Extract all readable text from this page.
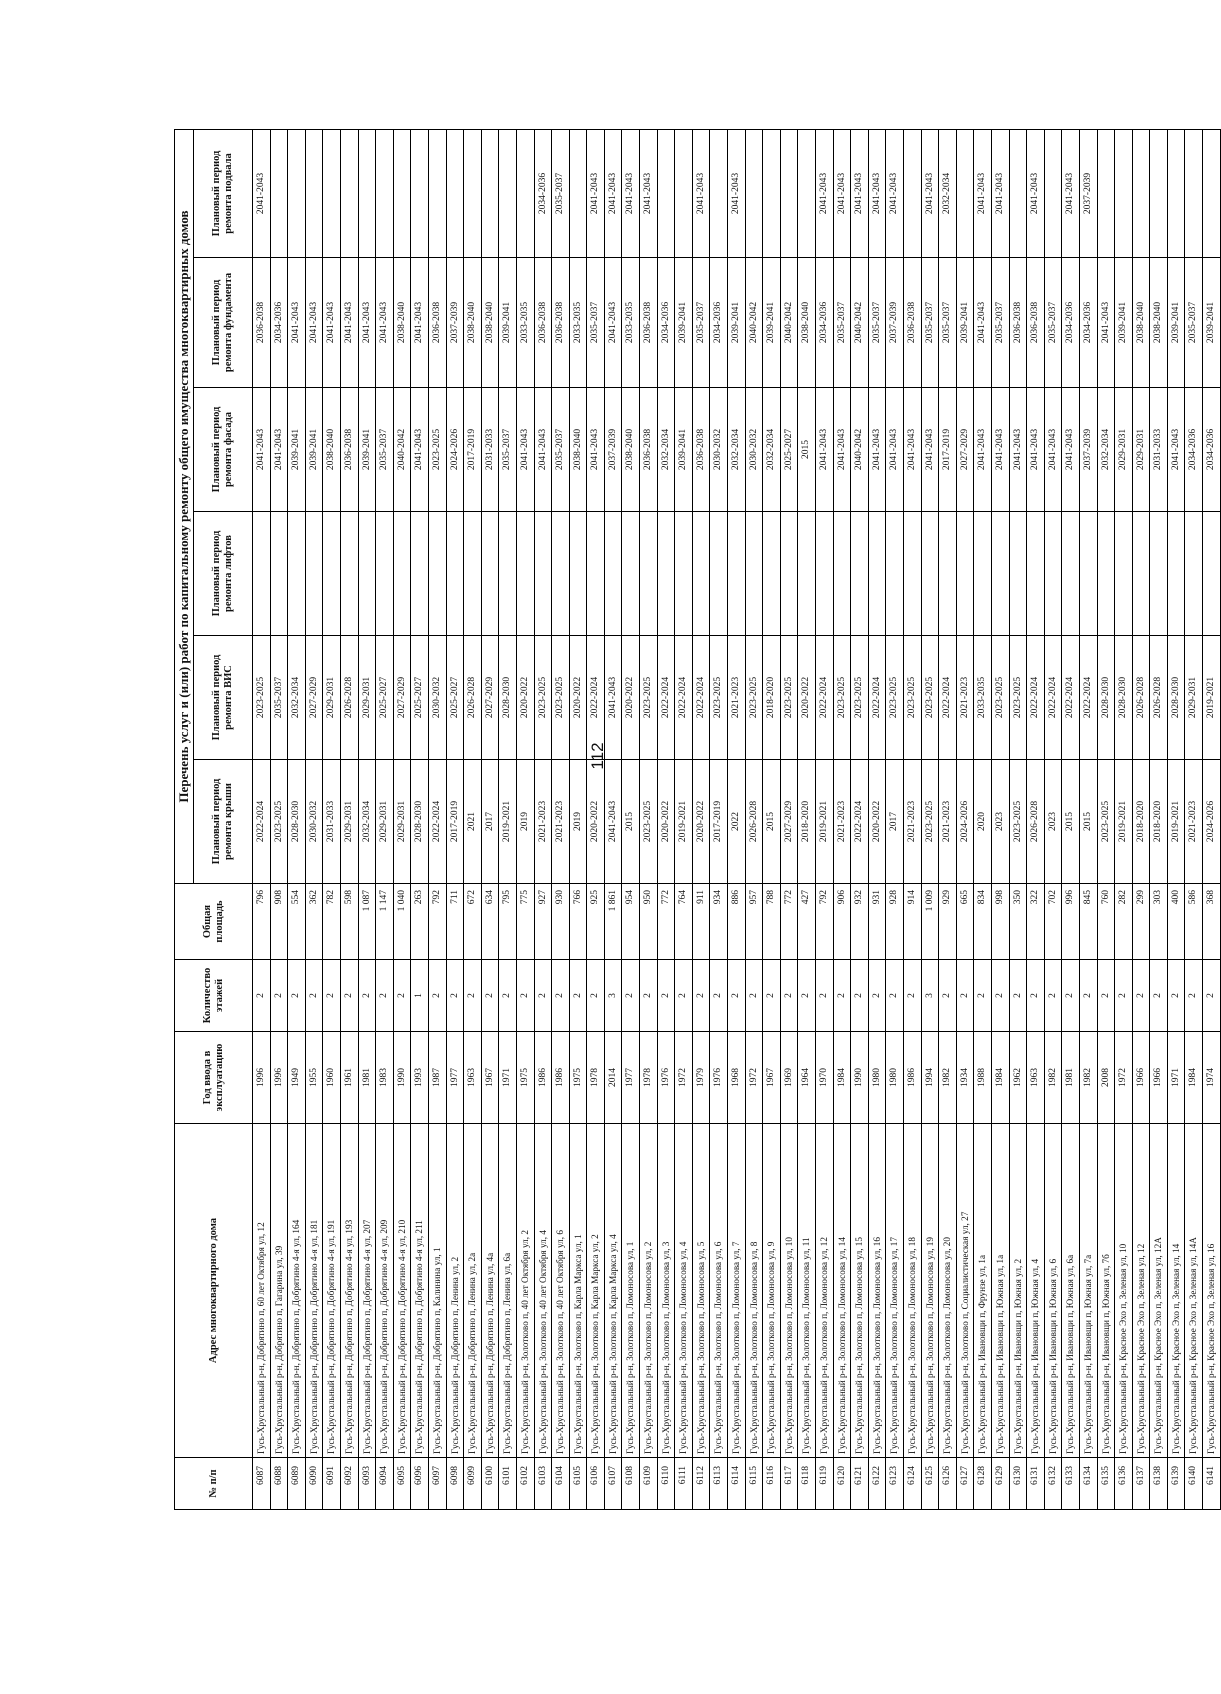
112
№ п/п	Адрес многоквартирного дома	Год ввода в эксплуатацию	Количество этажей	Общая площадь	Перечень услуг и (или) работ по капитальному ремонту общего имущества многоквартирных домов					
					Плановый период ремонта крыши	Плановый период ремонта ВИС	Плановый период ремонта лифтов	Плановый период ремонта фасада	Плановый период ремонта фундамента	Плановый период ремонта подвала
6087	Гусь-Хрустальный р-н, Добрятино п, 60 лет Октября ул, 12	1996	2	796	2022-2024	2023-2025		2041-2043	2036-2038	2041-2043
6088	Гусь-Хрустальный р-н, Добрятино п, Гагарина ул, 39	1996	2	908	2023-2025	2035-2037		2041-2043	2034-2036	
6089	Гусь-Хрустальный р-н, Добрятино п, Добрятино 4-я ул, 164	1949	2	554	2028-2030	2032-2034		2039-2041	2041-2043	
6090	Гусь-Хрустальный р-н, Добрятино п, Добрятино 4-я ул, 181	1955	2	362	2030-2032	2027-2029		2039-2041	2041-2043	
6091	Гусь-Хрустальный р-н, Добрятино п, Добрятино 4-я ул, 191	1960	2	782	2031-2033	2029-2031		2038-2040	2041-2043	
6092	Гусь-Хрустальный р-н, Добрятино п, Добрятино 4-я ул, 193	1961	2	598	2029-2031	2026-2028		2036-2038	2041-2043	
6093	Гусь-Хрустальный р-н, Добрятино п, Добрятино 4-я ул, 207	1981	2	1 087	2032-2034	2029-2031		2039-2041	2041-2043	
6094	Гусь-Хрустальный р-н, Добрятино п, Добрятино 4-я ул, 209	1983	2	1 147	2029-2031	2025-2027		2035-2037	2041-2043	
6095	Гусь-Хрустальный р-н, Добрятино п, Добрятино 4-я ул, 210	1990	2	1 040	2029-2031	2027-2029		2040-2042	2038-2040	
6096	Гусь-Хрустальный р-н, Добрятино п, Добрятино 4-я ул, 211	1993	1	263	2028-2030	2025-2027		2041-2043	2041-2043	
6097	Гусь-Хрустальный р-н, Добрятино п, Калинина ул, 1	1987	2	792	2022-2024	2030-2032		2023-2025	2036-2038	
6098	Гусь-Хрустальный р-н, Добрятино п, Ленина ул, 2	1977	2	711	2017-2019	2025-2027		2024-2026	2037-2039	
6099	Гусь-Хрустальный р-н, Добрятино п, Ленина ул, 2а	1963	2	672	2021	2026-2028		2017-2019	2038-2040	
6100	Гусь-Хрустальный р-н, Добрятино п, Ленина ул, 4а	1967	2	634	2017	2027-2029		2031-2033	2038-2040	
6101	Гусь-Хрустальный р-н, Добрятино п, Ленина ул, 6а	1971	2	795	2019-2021	2028-2030		2035-2037	2039-2041	
6102	Гусь-Хрустальный р-н, Золотково п, 40 лет Октября ул, 2	1975	2	775	2019	2020-2022		2041-2043	2033-2035	
6103	Гусь-Хрустальный р-н, Золотково п, 40 лет Октября ул, 4	1986	2	927	2021-2023	2023-2025		2041-2043	2036-2038	2034-2036
6104	Гусь-Хрустальный р-н, Золотково п, 40 лет Октября ул, 6	1986	2	930	2021-2023	2023-2025		2035-2037	2036-2038	2035-2037
6105	Гусь-Хрустальный р-н, Золотково п, Карла Маркса ул, 1	1975	2	766	2019	2020-2022		2038-2040	2033-2035	
6106	Гусь-Хрустальный р-н, Золотково п, Карла Маркса ул, 2	1978	2	925	2020-2022	2022-2024		2041-2043	2035-2037	2041-2043
6107	Гусь-Хрустальный р-н, Золотково п, Карла Маркса ул, 4	2014	3	1 861	2041-2043	2041-2043		2037-2039	2041-2043	2041-2043
6108	Гусь-Хрустальный р-н, Золотково п, Ломоносова ул, 1	1977	2	954	2015	2020-2022		2038-2040	2033-2035	2041-2043
6109	Гусь-Хрустальный р-н, Золотково п, Ломоносова ул, 2	1978	2	950	2023-2025	2023-2025		2036-2038	2036-2038	2041-2043
6110	Гусь-Хрустальный р-н, Золотково п, Ломоносова ул, 3	1976	2	772	2020-2022	2022-2024		2032-2034	2034-2036	
6111	Гусь-Хрустальный р-н, Золотково п, Ломоносова ул, 4	1972	2	764	2019-2021	2022-2024		2039-2041	2039-2041	
6112	Гусь-Хрустальный р-н, Золотково п, Ломоносова ул, 5	1979	2	911	2020-2022	2022-2024		2036-2038	2035-2037	2041-2043
6113	Гусь-Хрустальный р-н, Золотково п, Ломоносова ул, 6	1976	2	934	2017-2019	2023-2025		2030-2032	2034-2036	
6114	Гусь-Хрустальный р-н, Золотково п, Ломоносова ул, 7	1968	2	886	2022	2021-2023		2032-2034	2039-2041	2041-2043
6115	Гусь-Хрустальный р-н, Золотково п, Ломоносова ул, 8	1972	2	957	2026-2028	2023-2025		2030-2032	2040-2042	
6116	Гусь-Хрустальный р-н, Золотково п, Ломоносова ул, 9	1967	2	788	2015	2018-2020		2032-2034	2039-2041	
6117	Гусь-Хрустальный р-н, Золотково п, Ломоносова ул, 10	1969	2	772	2027-2029	2023-2025		2025-2027	2040-2042	
6118	Гусь-Хрустальный р-н, Золотково п, Ломоносова ул, 11	1964	2	427	2018-2020	2020-2022		2015	2038-2040	
6119	Гусь-Хрустальный р-н, Золотково п, Ломоносова ул, 12	1970	2	792	2019-2021	2022-2024		2041-2043	2034-2036	2041-2043
6120	Гусь-Хрустальный р-н, Золотково п, Ломоносова ул, 14	1984	2	906	2021-2023	2023-2025		2041-2043	2035-2037	2041-2043
6121	Гусь-Хрустальный р-н, Золотково п, Ломоносова ул, 15	1990	2	932	2022-2024	2023-2025		2040-2042	2040-2042	2041-2043
6122	Гусь-Хрустальный р-н, Золотково п, Ломоносова ул, 16	1980	2	931	2020-2022	2022-2024		2041-2043	2035-2037	2041-2043
6123	Гусь-Хрустальный р-н, Золотково п, Ломоносова ул, 17	1980	2	928	2017	2023-2025		2041-2043	2037-2039	2041-2043
6124	Гусь-Хрустальный р-н, Золотково п, Ломоносова ул, 18	1986	2	914	2021-2023	2023-2025		2041-2043	2036-2038	
6125	Гусь-Хрустальный р-н, Золотково п, Ломоносова ул, 19	1994	3	1 009	2023-2025	2023-2025		2041-2043	2035-2037	2041-2043
6126	Гусь-Хрустальный р-н, Золотково п, Ломоносова ул, 20	1982	2	929	2021-2023	2022-2024		2017-2019	2035-2037	2032-2034
6127	Гусь-Хрустальный р-н, Золотково п, Социалистическая ул, 27	1934	2	665	2024-2026	2021-2023		2027-2029	2039-2041	
6128	Гусь-Хрустальный р-н, Ивановщи п, Фрунзе ул, 1а	1988	2	834	2020	2033-2035		2041-2043	2041-2043	2041-2043
6129	Гусь-Хрустальный р-н, Ивановщи п, Южная ул, 1а	1984	2	998	2023	2023-2025		2041-2043	2035-2037	2041-2043
6130	Гусь-Хрустальный р-н, Ивановщи п, Южная ул, 2	1962	2	350	2023-2025	2023-2025		2041-2043	2036-2038	
6131	Гусь-Хрустальный р-н, Ивановщи п, Южная ул, 4	1963	2	322	2026-2028	2022-2024		2041-2043	2036-2038	2041-2043
6132	Гусь-Хрустальный р-н, Ивановщи п, Южная ул, 6	1982	2	702	2023	2022-2024		2041-2043	2035-2037	
6133	Гусь-Хрустальный р-н, Ивановщи п, Южная ул, 6а	1981	2	996	2015	2022-2024		2041-2043	2034-2036	2041-2043
6134	Гусь-Хрустальный р-н, Ивановщи п, Южная ул, 7а	1982	2	845	2015	2022-2024		2037-2039	2034-2036	2037-2039
6135	Гусь-Хрустальный р-н, Ивановщи п, Южная ул, 7б	2008	2	760	2023-2025	2028-2030		2032-2034	2041-2043	
6136	Гусь-Хрустальный р-н, Красное Эхо п, Зеленая ул, 10	1972	2	282	2019-2021	2028-2030		2029-2031	2039-2041	
6137	Гусь-Хрустальный р-н, Красное Эхо п, Зеленая ул, 12	1966	2	299	2018-2020	2026-2028		2029-2031	2038-2040	
6138	Гусь-Хрустальный р-н, Красное Эхо п, Зеленая ул, 12А	1966	2	303	2018-2020	2026-2028		2031-2033	2038-2040	
6139	Гусь-Хрустальный р-н, Красное Эхо п, Зеленая ул, 14	1971	2	400	2019-2021	2028-2030		2041-2043	2039-2041	
6140	Гусь-Хрустальный р-н, Красное Эхо п, Зеленая ул, 14А	1984	2	586	2021-2023	2029-2031		2034-2036	2035-2037	
6141	Гусь-Хрустальный р-н, Красное Эхо п, Зеленая ул, 16	1974	2	368	2024-2026	2019-2021		2034-2036	2039-2041	
